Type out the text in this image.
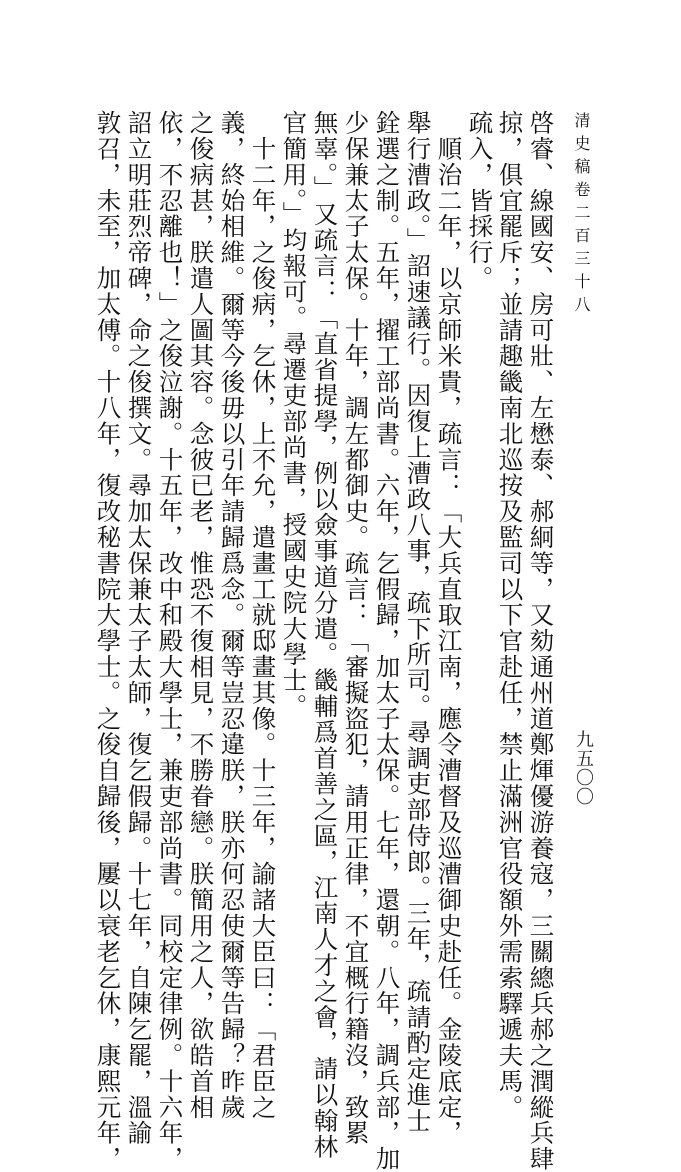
清史稿卷二百三十八
九五〇〇
啓睿、線國安、房可壯、左懋泰、郝絅等，又劾通州道鄭煇優游養寇，三關總兵郝之潤縱兵肆
掠，俱宜罷斥；並請趣畿南北巡按及監司以下官赴任，禁止滿洲官役額外需索驛遞夫馬。
疏入，皆採行。
　順治二年，以京師米貴，疏言：「大兵直取江南，應令漕督及巡漕御史赴任。金陵底定，
舉行漕政。」詔速議行。因復上漕政八事，疏下所司。尋調吏部侍郎。三年，疏請酌定進士
銓選之制。五年，擢工部尚書。六年，乞假歸，加太子太保。七年，還朝。八年，調兵部，加
少保兼太子太保。十年，調左都御史。疏言：「審擬盜犯，請用正律，不宜概行籍沒，致累
無辜。」又疏言：「直省提學，例以僉事道分遣。畿輔爲首善之區，江南人才之會，請以翰林
官簡用。」均報可。尋遷吏部尚書，授國史院大學士。
　十二年，之俊病，乞休，上不允，遣畫工就邸畫其像。十三年，諭諸大臣曰：「君臣之
義，終始相維。爾等今後毋以引年請歸爲念。爾等豈忍違朕，朕亦何忍使爾等告歸？昨歲
之俊病甚，朕遣人圖其容。念彼已老，惟恐不復相見，不勝眷戀。朕簡用之人，欲皓首相
依，不忍離也！」之俊泣謝。十五年，改中和殿大學士，兼吏部尚書。同校定律例。十六年，
詔立明莊烈帝碑，命之俊撰文。尋加太保兼太子太師，復乞假歸。十七年，自陳乞罷，溫諭
敦召，未至，加太傅。十八年，復改秘書院大學士。之俊自歸後，屢以衰老乞休，康熙元年，
